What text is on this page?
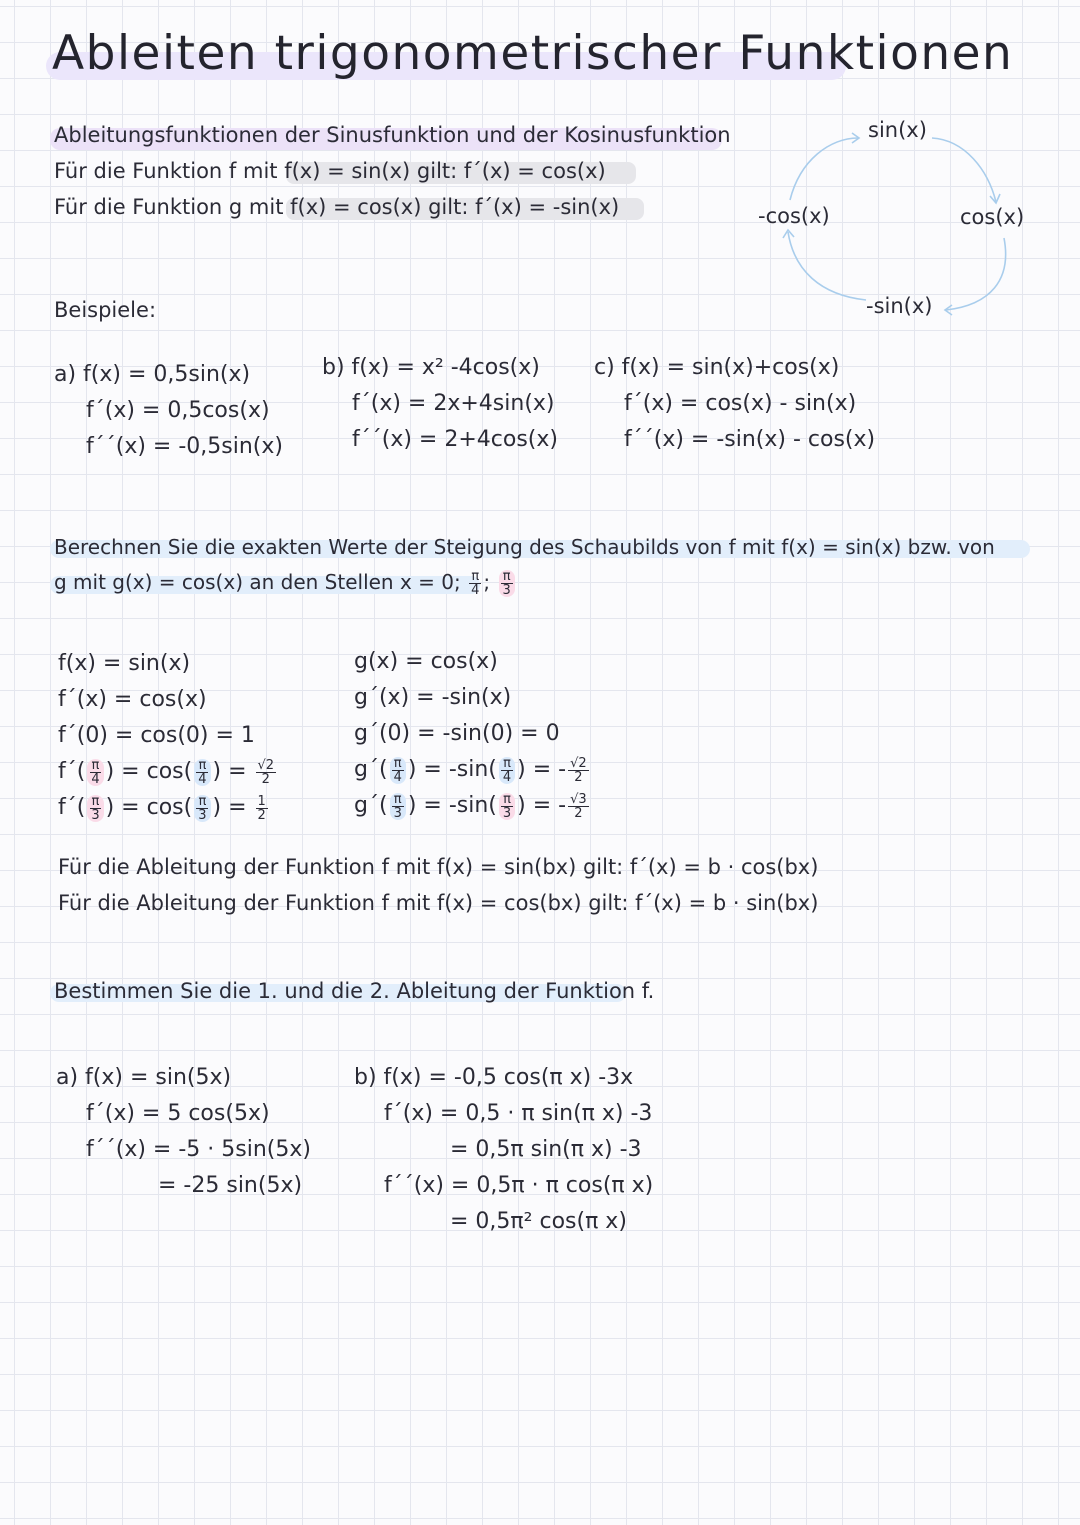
Ableiten trigonometrischer Funktionen
Ableitungsfunktionen der Sinusfunktion und der Kosinusfunktion
Für die Funktion f mit f(x) = sin(x) gilt: f´(x) = cos(x)
Für die Funktion g mit f(x) = cos(x) gilt: f´(x) = -sin(x)
sin(x)
cos(x)
-sin(x)
-cos(x)
Beispiele:
a) f(x) = 0,5sin(x)
f´(x) = 0,5cos(x)
f´´(x) = -0,5sin(x)
b) f(x) = x² -4cos(x)
f´(x) = 2x+4sin(x)
f´´(x) = 2+4cos(x)
c) f(x) = sin(x)+cos(x)
f´(x) = cos(x) - sin(x)
f´´(x) = -sin(x) - cos(x)
Berechnen Sie die exakten Werte der Steigung des Schaubilds von f mit f(x) = sin(x) bzw. von
g mit g(x) = cos(x) an den Stellen x = 0; $\frac{\pi}{4}$ ; $\frac{\pi}{3}$
f(x) = sin(x)
f´(x) = cos(x)
f´(0) = cos(0) = 1
f´( $\frac{\pi}{4}$ ) = $\cos( \frac{\pi}{4}$ ) = $\frac{√2}{2}$
f´( $\frac{\pi}{3}$ ) = $\cos( \frac{\pi}{3}$ ) = $\frac{1}{2}$
g(x) = cos(x)
g´(x) = -sin(x)
g´(0) = -sin(0) = 0
g´( $\frac{\pi}{4}$ ) = $-\sin( \frac{\pi}{4}$ ) = - $\frac{√2}{2}$
g´( $\frac{\pi}{3}$ ) = $-\sin( \frac{\pi}{3}$ ) = - $\frac{√3}{2}$
Für die Ableitung der Funktion f mit f(x) = sin(bx) gilt: f´(x) = b · cos(bx)
Für die Ableitung der Funktion f mit f(x) = cos(bx) gilt: f´(x) = b · sin(bx)
Bestimmen Sie die 1. und die 2. Ableitung der Funktion f.
a) f(x) = sin(5x)
f´(x) = 5 cos(5x)
f´´(x) = -5 · 5sin(5x)
= -25 sin(5x)
b) f(x) = -0,5 cos(π x) -3x
f´(x) = 0,5 · π sin(π x) -3
= 0,5π sin(π x) -3
f´´(x) = 0,5π · π cos(π x)
= 0,5π² cos(π x)
